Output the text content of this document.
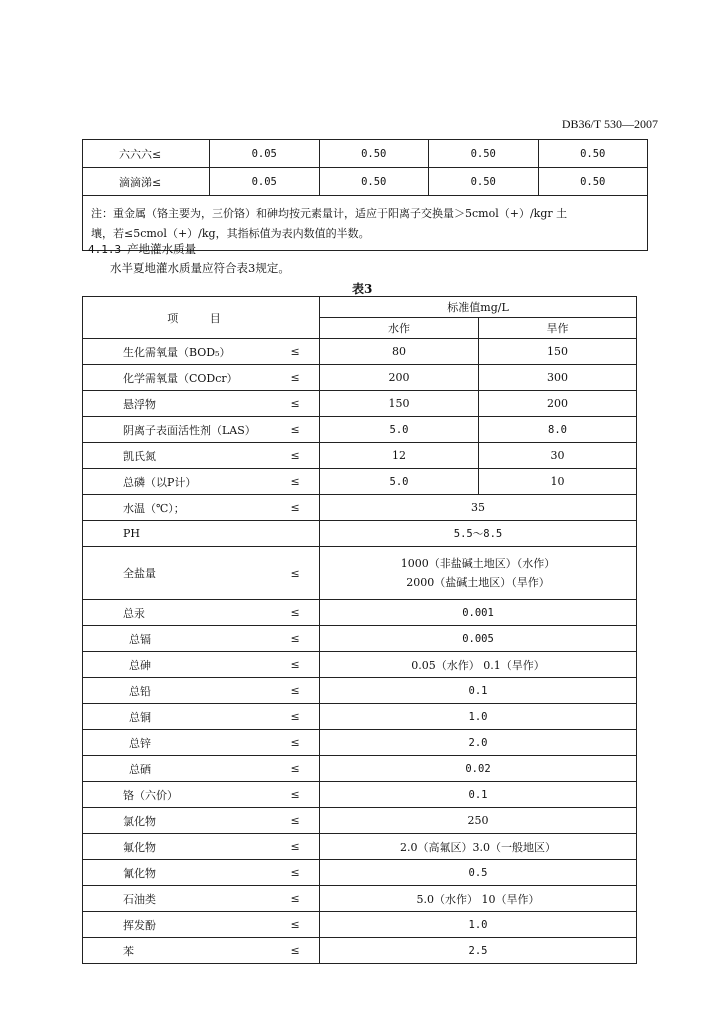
DB36/T 530—2007
六六六≤	0.05	0.50	0.50	0.50
滴滴涕≤	0.05	0.50	0.50	0.50

注：重金属（铬主要为，三价铬）和砷均按元素量计，适应于阳离子交换量＞5cmol（+）/kgr 土
壤，若≤5cmol（+）/kg，其指标值为表内数值的半数。				
4.1.3 产地灌水质量
水半夏地灌水质量应符合表3规定。
表3
项 目		标准值mg/L	
		水作	旱作
生化需氧量（BOD₅）	≤	80	150
化学需氧量（CODcr）	≤	200	300
悬浮物	≤	150	200
阴离子表面活性剂（LAS）	≤	5.0	8.0
凯氏氮	≤	12	30
总磷（以P计）	≤	5.0	10
水温（℃）；	≤	35	
PH		5.5～8.5	
全盐量	≤	1000（非盐碱土地区）（水作）
2000（盐碱土地区）（旱作）	

总汞	≤	0.001	
总镉	≤	0.005	
总砷	≤	0.05（水作） 0.1（旱作）	
总铅	≤	0.1	
总铜	≤	1.0	
总锌	≤	2.0	
总硒	≤	0.02	
铬（六价）	≤	0.1	
氯化物	≤	250	
氟化物	≤	2.0（高氟区）3.0（一般地区）	
氰化物	≤	0.5	
石油类	≤	5.0（水作） 10（旱作）	
挥发酚	≤	1.0	
苯	≤	2.5	
